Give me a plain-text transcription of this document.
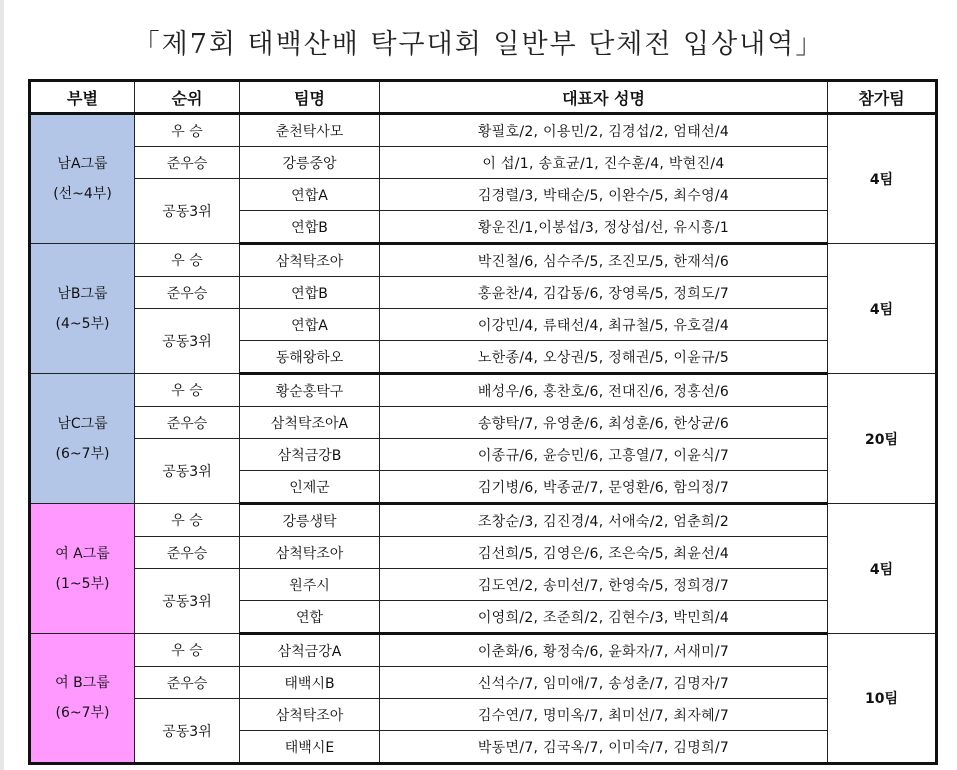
「제7회 태백산배 탁구대회 일반부 단체전 입상내역」
부별	순위	팀명	대표자 성명	참가팀

남A그룹
(선~4부)	우 승	춘천탁사모	황필호/2, 이용민/2, 김경섭/2, 엄태선/4	4팀
	준우승	강릉중앙	이 섭/1, 송효균/1, 진수훈/4, 박현진/4	
	공동3위	연합A	김경렬/3, 박태순/5, 이완수/5, 최수영/4	
		연합B	황운진/1,이봉섭/3, 정상섭/선, 유시흥/1	

남B그룹
(4~5부)	우 승	삼척탁조아	박진철/6, 심수주/5, 조진모/5, 한재석/6	4팀
	준우승	연합B	홍윤찬/4, 김갑동/6, 장영록/5, 정희도/7	
	공동3위	연합A	이강민/4, 류태선/4, 최규철/5, 유호걸/4	
		동해왕하오	노한종/4, 오상권/5, 정해권/5, 이윤규/5	

남C그룹
(6~7부)	우 승	황순홍탁구	배성우/6, 홍찬호/6, 전대진/6, 정홍선/6	20팀
	준우승	삼척탁조아A	송향탁/7, 유영춘/6, 최성훈/6, 한상균/6	
	공동3위	삼척금강B	이종규/6, 윤승민/6, 고흥열/7, 이윤식/7	
		인제군	김기병/6, 박종균/7, 문영환/6, 함의정/7	

여 A그룹
(1~5부)	우 승	강릉생탁	조창순/3, 김진경/4, 서애숙/2, 엄춘희/2	4팀
	준우승	삼척탁조아	김선희/5, 김영은/6, 조은숙/5, 최윤선/4	
	공동3위	원주시	김도연/2, 송미선/7, 한영숙/5, 정희경/7	
		연합	이영희/2, 조준희/2, 김현수/3, 박민희/4	

여 B그룹
(6~7부)	우 승	삼척금강A	이춘화/6, 황정숙/6, 윤화자/7, 서새미/7	10팀
	준우승	태백시B	신석수/7, 임미애/7, 송성춘/7, 김명자/7	
	공동3위	삼척탁조아	김수연/7, 명미옥/7, 최미선/7, 최자혜/7	
		태백시E	박동면/7, 김국옥/7, 이미숙/7, 김명희/7	
